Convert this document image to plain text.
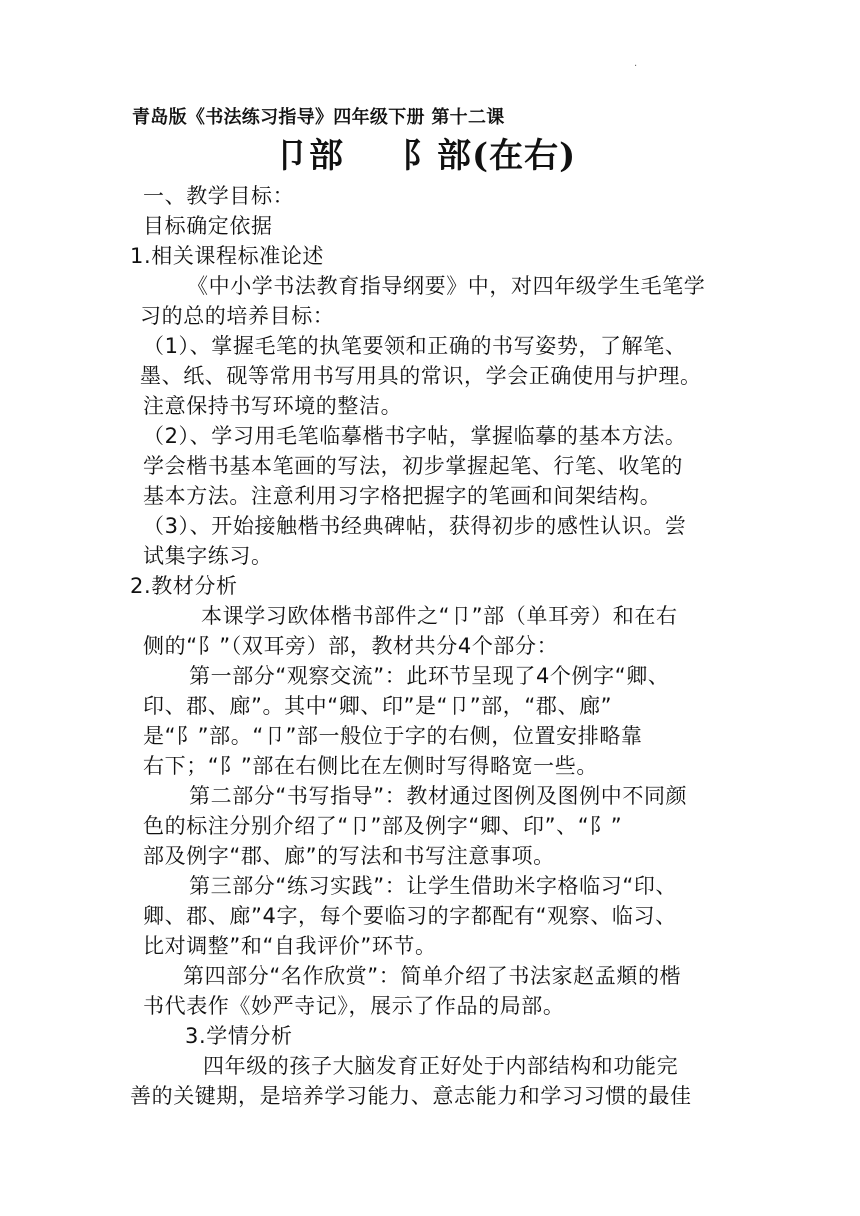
.
青岛版《书法练习指导》四年级下册 第十二课
卩部 阝部(在右)
一、教学目标：
目标确定依据
1.相关课程标准论述
《中小学书法教育指导纲要》中，对四年级学生毛笔学
习的总的培养目标：
（1）、掌握毛笔的执笔要领和正确的书写姿势，了解笔、
墨、纸、砚等常用书写用具的常识，学会正确使用与护理。
注意保持书写环境的整洁。
（2）、学习用毛笔临摹楷书字帖，掌握临摹的基本方法。
学会楷书基本笔画的写法，初步掌握起笔、行笔、收笔的
基本方法。注意利用习字格把握字的笔画和间架结构。
（3）、开始接触楷书经典碑帖，获得初步的感性认识。尝
试集字练习。
2.教材分析
本课学习欧体楷书部件之“卩”部（单耳旁）和在右
侧的“阝”（双耳旁）部，教材共分4个部分：
第一部分“观察交流”：此环节呈现了4个例字“卿、
印、郡、廊”。其中“卿、印”是“卩”部，“郡、廊”
是“阝”部。“卩”部一般位于字的右侧，位置安排略靠
右下；“阝”部在右侧比在左侧时写得略宽一些。
第二部分“书写指导”：教材通过图例及图例中不同颜
色的标注分别介绍了“卩”部及例字“卿、印”、“阝”
部及例字“郡、廊”的写法和书写注意事项。
第三部分“练习实践”：让学生借助米字格临习“印、
卿、郡、廊”4字，每个要临习的字都配有“观察、临习、
比对调整”和“自我评价”环节。
第四部分“名作欣赏”：简单介绍了书法家赵孟頫的楷
书代表作《妙严寺记》，展示了作品的局部。
3.学情分析
四年级的孩子大脑发育正好处于内部结构和功能完
善的关键期，是培养学习能力、意志能力和学习习惯的最佳
